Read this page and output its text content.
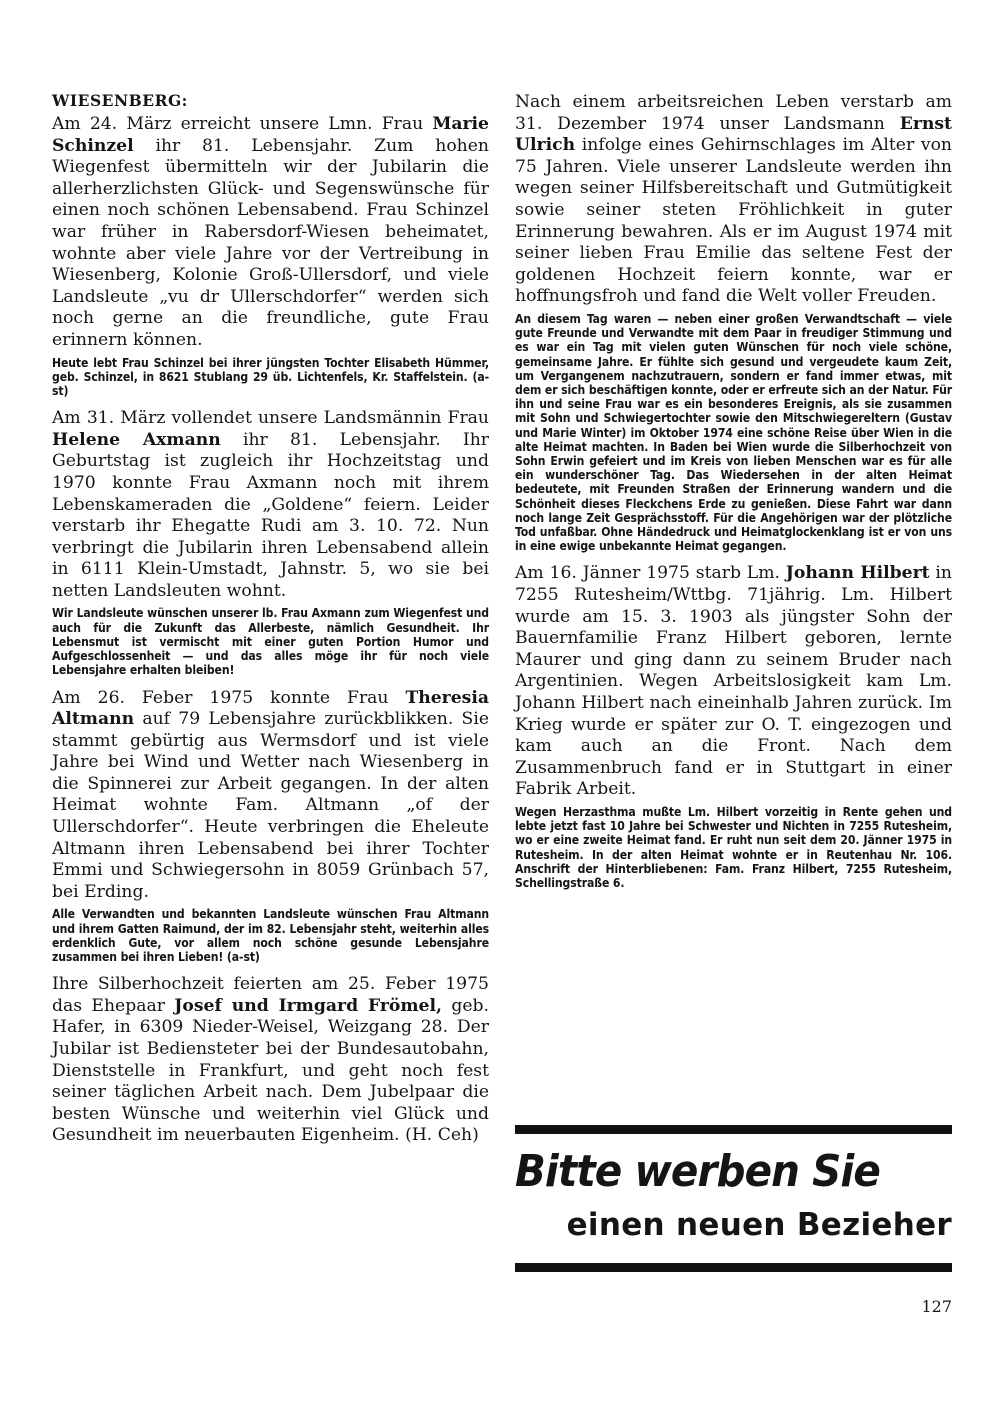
WIESENBERG:

Am 24. März erreicht unsere Lmn. Frau Marie Schinzel ihr 81. Lebensjahr. Zum hohen Wiegenfest übermitteln wir der Jubilarin die allerherzlichsten Glück- und Segenswünsche für einen noch schönen Lebensabend. Frau Schinzel war früher in Rabersdorf-Wiesen beheimatet, wohnte aber viele Jahre vor der Vertreibung in Wiesenberg, Kolonie Groß-Ullersdorf, und viele Landsleute „vu dr Ullerschdorfer“ werden sich noch gerne an die freundliche, gute Frau erinnern können.

Heute lebt Frau Schinzel bei ihrer jüngsten Tochter Elisabeth Hümmer, geb. Schinzel, in 8621 Stublang 29 üb. Lichtenfels, Kr. Staffelstein. (a-st)

Am 31. März vollendet unsere Landsmännin Frau Helene Axmann ihr 81. Lebensjahr. Ihr Geburtstag ist zugleich ihr Hochzeitstag und 1970 konnte Frau Axmann noch mit ihrem Lebenskameraden die „Goldene“ feiern. Leider verstarb ihr Ehegatte Rudi am 3. 10. 72. Nun verbringt die Jubilarin ihren Lebensabend allein in 6111 Klein-Umstadt, Jahnstr. 5, wo sie bei netten Landsleuten wohnt.

Wir Landsleute wünschen unserer lb. Frau Axmann zum Wiegenfest und auch für die Zukunft das Allerbeste, nämlich Gesundheit. Ihr Lebensmut ist vermischt mit einer guten Portion Humor und Aufgeschlossenheit — und das alles möge ihr für noch viele Lebensjahre erhalten bleiben!

Am 26. Feber 1975 konnte Frau Theresia Altmann auf 79 Lebensjahre zurückblikken. Sie stammt gebürtig aus Wermsdorf und ist viele Jahre bei Wind und Wetter nach Wiesenberg in die Spinnerei zur Arbeit gegangen. In der alten Heimat wohnte Fam. Altmann „of der Ullerschdorfer“. Heute verbringen die Eheleute Altmann ihren Lebensabend bei ihrer Tochter Emmi und Schwiegersohn in 8059 Grünbach 57, bei Erding.

Alle Verwandten und bekannten Landsleute wünschen Frau Altmann und ihrem Gatten Raimund, der im 82. Lebensjahr steht, weiterhin alles erdenklich Gute, vor allem noch schöne gesunde Lebensjahre zusammen bei ihren Lieben! (a-st)

Ihre Silberhochzeit feierten am 25. Feber 1975 das Ehepaar Josef und Irmgard Frömel, geb. Hafer, in 6309 Nieder-Weisel, Weizgang 28. Der Jubilar ist Bediensteter bei der Bundesautobahn, Dienststelle in Frankfurt, und geht noch fest seiner täglichen Arbeit nach. Dem Jubelpaar die besten Wünsche und weiterhin viel Glück und Gesundheit im neuerbauten Eigenheim. (H. Ceh)

Nach einem arbeitsreichen Leben verstarb am 31. Dezember 1974 unser Landsmann Ernst Ulrich infolge eines Gehirnschlages im Alter von 75 Jahren. Viele unserer Landsleute werden ihn wegen seiner Hilfsbereitschaft und Gutmütigkeit sowie seiner steten Fröhlichkeit in guter Erinnerung bewahren. Als er im August 1974 mit seiner lieben Frau Emilie das seltene Fest der goldenen Hochzeit feiern konnte, war er hoffnungsfroh und fand die Welt voller Freuden.

An diesem Tag waren — neben einer großen Verwandtschaft — viele gute Freunde und Verwandte mit dem Paar in freudiger Stimmung und es war ein Tag mit vielen guten Wünschen für noch viele schöne, gemeinsame Jahre. Er fühlte sich gesund und vergeudete kaum Zeit, um Vergangenem nachzutrauern, sondern er fand immer etwas, mit dem er sich beschäftigen konnte, oder er erfreute sich an der Natur. Für ihn und seine Frau war es ein besonderes Ereignis, als sie zusammen mit Sohn und Schwiegertochter sowie den Mitschwiegereltern (Gustav und Marie Winter) im Oktober 1974 eine schöne Reise über Wien in die alte Heimat machten. In Baden bei Wien wurde die Silberhochzeit von Sohn Erwin gefeiert und im Kreis von lieben Menschen war es für alle ein wunderschöner Tag. Das Wiedersehen in der alten Heimat bedeutete, mit Freunden Straßen der Erinnerung wandern und die Schönheit dieses Fleckchens Erde zu genießen. Diese Fahrt war dann noch lange Zeit Gesprächsstoff. Für die Angehörigen war der plötzliche Tod unfaßbar. Ohne Händedruck und Heimatglockenklang ist er von uns in eine ewige unbekannte Heimat gegangen.

Am 16. Jänner 1975 starb Lm. Johann Hilbert in 7255 Rutesheim/Wttbg. 71jährig. Lm. Hilbert wurde am 15. 3. 1903 als jüngster Sohn der Bauernfamilie Franz Hilbert geboren, lernte Maurer und ging dann zu seinem Bruder nach Argentinien. Wegen Arbeitslosigkeit kam Lm. Johann Hilbert nach eineinhalb Jahren zurück. Im Krieg wurde er später zur O. T. eingezogen und kam auch an die Front. Nach dem Zusammenbruch fand er in Stuttgart in einer Fabrik Arbeit.

Wegen Herzasthma mußte Lm. Hilbert vorzeitig in Rente gehen und lebte jetzt fast 10 Jahre bei Schwester und Nichten in 7255 Rutesheim, wo er eine zweite Heimat fand. Er ruht nun seit dem 20. Jänner 1975 in Rutesheim. In der alten Heimat wohnte er in Reutenhau Nr. 106. Anschrift der Hinterbliebenen: Fam. Franz Hilbert, 7255 Rutesheim, Schellingstraße 6.

Bitte werben Sie
einen neuen Bezieher
127
